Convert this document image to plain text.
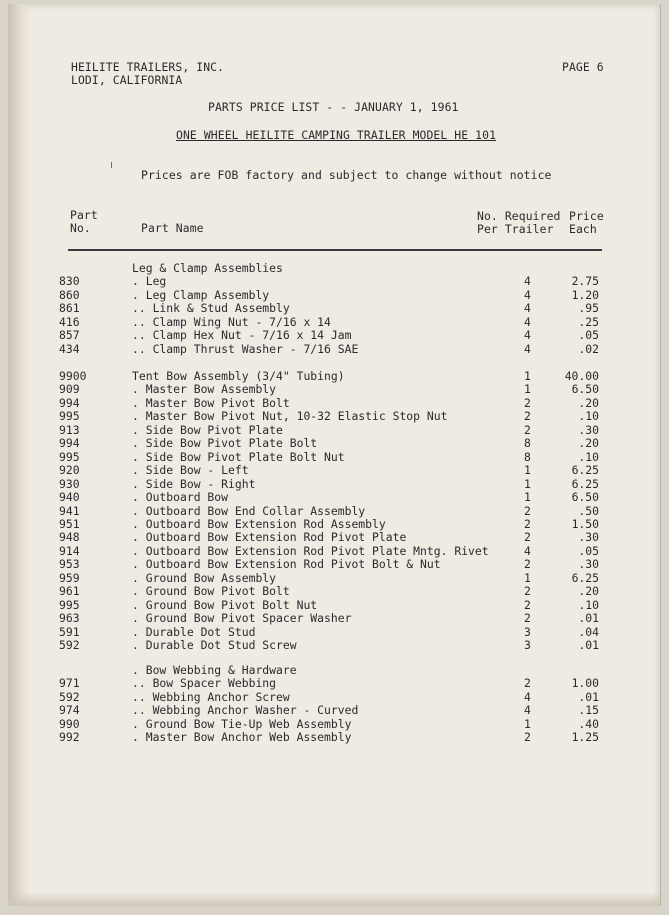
HEILITE TRAILERS, INC.
LODI, CALIFORNIA
PAGE 6
PARTS PRICE LIST - - JANUARY 1, 1961
ONE WHEEL HEILITE CAMPING TRAILER MODEL HE 101
Prices are FOB factory and subject to change without notice
Part
No.	Part Name
No. Required
Per Trailer
Price
Each
Leg & Clamp Assemblies
830	. Leg	4	2.75
860	. Leg Clamp Assembly	4	1.20
861	.. Link & Stud Assembly	4	.95
416	.. Clamp Wing Nut - 7/16 x 14	4	.25
857	.. Clamp Hex Nut - 7/16 x 14 Jam	4	.05
434	.. Clamp Thrust Washer - 7/16 SAE	4	.02
9900	Tent Bow Assembly (3/4" Tubing)	1	40.00
909	. Master Bow Assembly	1	6.50
994	. Master Bow Pivot Bolt	2	.20
995	. Master Bow Pivot Nut, 10-32 Elastic Stop Nut	2	.10
913	. Side Bow Pivot Plate	2	.30
994	. Side Bow Pivot Plate Bolt	8	.20
995	. Side Bow Pivot Plate Bolt Nut	8	.10
920	. Side Bow - Left	1	6.25
930	. Side Bow - Right	1	6.25
940	. Outboard Bow	1	6.50
941	. Outboard Bow End Collar Assembly	2	.50
951	. Outboard Bow Extension Rod Assembly	2	1.50
948	. Outboard Bow Extension Rod Pivot Plate	2	.30
914	. Outboard Bow Extension Rod Pivot Plate Mntg. Rivet	4	.05
953	. Outboard Bow Extension Rod Pivot Bolt & Nut	2	.30
959	. Ground Bow Assembly	1	6.25
961	. Ground Bow Pivot Bolt	2	.20
995	. Ground Bow Pivot Bolt Nut	2	.10
963	. Ground Bow Pivot Spacer Washer	2	.01
591	. Durable Dot Stud	3	.04
592	. Durable Dot Stud Screw	3	.01
. Bow Webbing & Hardware
971	.. Bow Spacer Webbing	2	1.00
592	.. Webbing Anchor Screw	4	.01
974	.. Webbing Anchor Washer - Curved	4	.15
990	. Ground Bow Tie-Up Web Assembly	1	.40
992	. Master Bow Anchor Web Assembly	2	1.25
